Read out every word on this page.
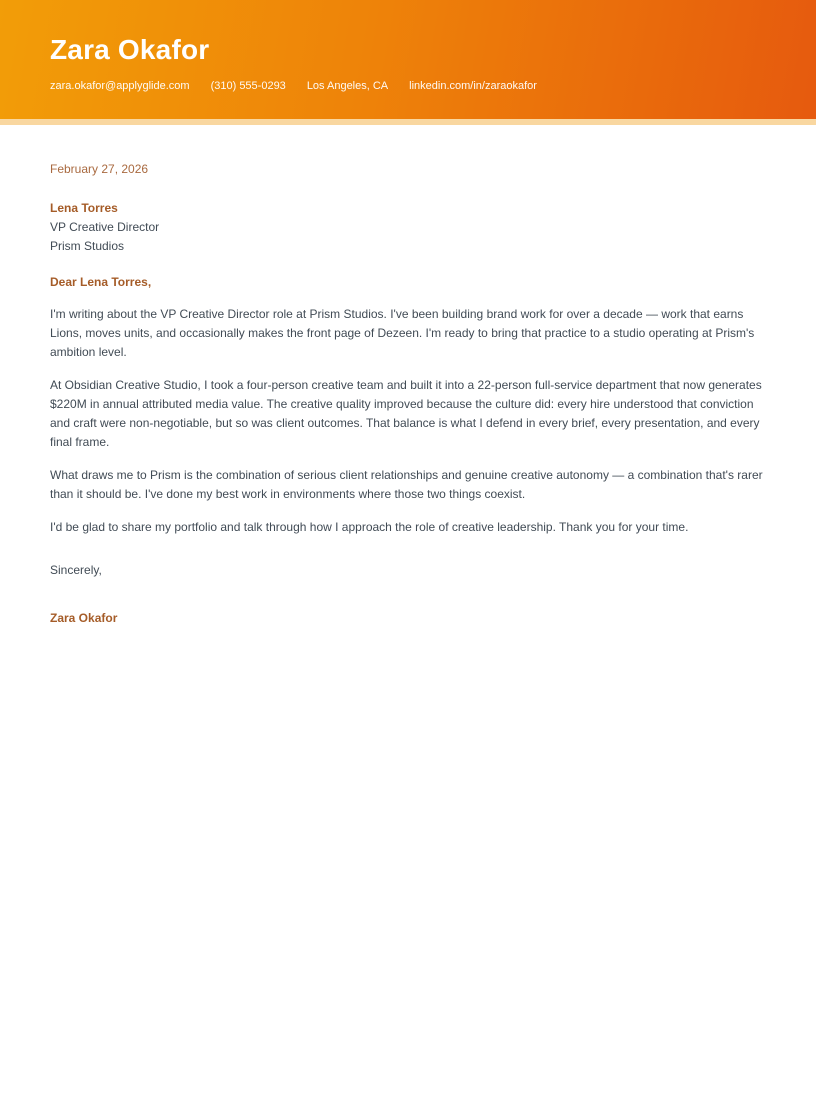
Zara Okafor
zara.okafor@applyglide.com (310) 555-0293 Los Angeles, CA linkedin.com/in/zaraokafor

February 27, 2026

Lena Torres
VP Creative Director
Prism Studios

Dear Lena Torres,

I'm writing about the VP Creative Director role at Prism Studios. I've been building brand work for over a decade — work that earns Lions, moves units, and occasionally makes the front page of Dezeen. I'm ready to bring that practice to a studio operating at Prism's ambition level.

At Obsidian Creative Studio, I took a four-person creative team and built it into a 22-person full-service department that now generates $220M in annual attributed media value. The creative quality improved because the culture did: every hire understood that conviction and craft were non-negotiable, but so was client outcomes. That balance is what I defend in every brief, every presentation, and every final frame.

What draws me to Prism is the combination of serious client relationships and genuine creative autonomy — a combination that's rarer than it should be. I've done my best work in environments where those two things coexist.

I'd be glad to share my portfolio and talk through how I approach the role of creative leadership. Thank you for your time.

Sincerely,

Zara Okafor
